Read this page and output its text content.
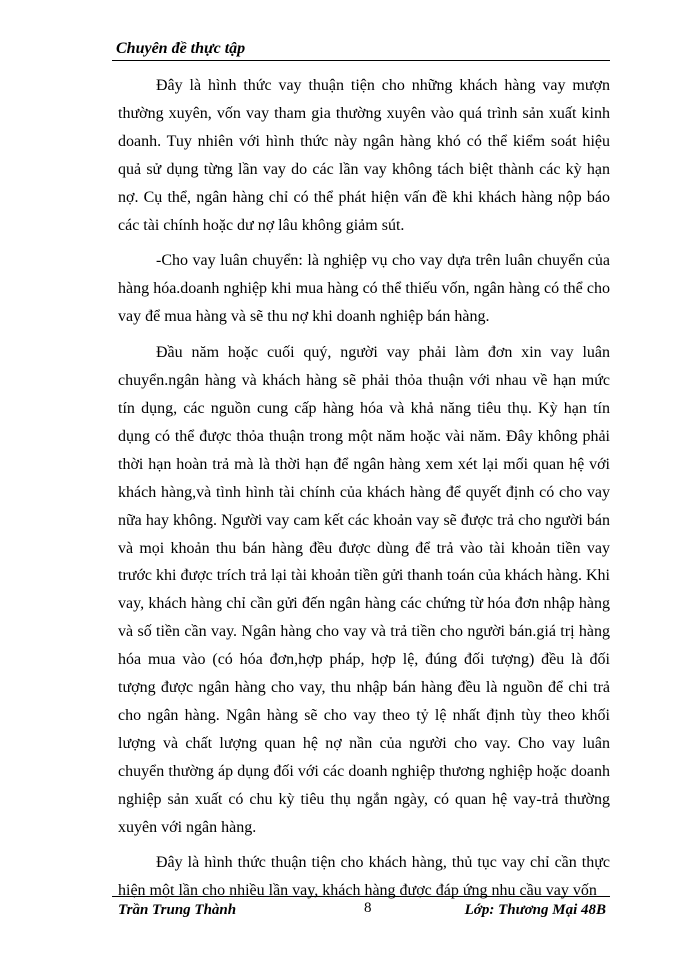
Chuyên đề thực tập

Đây là hình thức vay thuận tiện cho những khách hàng vay mượn thường xuyên, vốn vay tham gia thường xuyên vào quá trình sản xuất kinh doanh. Tuy nhiên với hình thức này ngân hàng khó có thể kiểm soát hiệu quả sử dụng từng lần vay do các lần vay không tách biệt thành các kỳ hạn nợ. Cụ thể, ngân hàng chỉ có thể phát hiện vấn đề khi khách hàng nộp báo các tài chính hoặc dư nợ lâu không giảm sút.

-Cho vay luân chuyển: là nghiệp vụ cho vay dựa trên luân chuyển của hàng hóa.doanh nghiệp khi mua hàng có thể thiếu vốn, ngân hàng có thể cho vay để mua hàng và sẽ thu nợ khi doanh nghiệp bán hàng.

Đầu năm hoặc cuối quý, người vay phải làm đơn xin vay luân chuyển.ngân hàng và khách hàng sẽ phải thỏa thuận với nhau về hạn mức tín dụng, các nguồn cung cấp hàng hóa và khả năng tiêu thụ. Kỳ hạn tín dụng có thể được thỏa thuận trong một năm hoặc vài năm. Đây không phải thời hạn hoàn trả mà là thời hạn để ngân hàng xem xét lại mối quan hệ với khách hàng,và tình hình tài chính của khách hàng để quyết định có cho vay nữa hay không. Người vay cam kết các khoản vay sẽ được trả cho người bán và mọi khoản thu bán hàng đều được dùng để trả vào tài khoản tiền vay trước khi được trích trả lại tài khoản tiền gửi thanh toán của khách hàng. Khi vay, khách hàng chỉ cần gửi đến ngân hàng các chứng từ hóa đơn nhập hàng và số tiền cần vay. Ngân hàng cho vay và trả tiền cho người bán.giá trị hàng hóa mua vào (có hóa đơn,hợp pháp, hợp lệ, đúng đối tượng) đều là đối tượng được ngân hàng cho vay, thu nhập bán hàng đều là nguồn để chi trả cho ngân hàng. Ngân hàng sẽ cho vay theo tỷ lệ nhất định tùy theo khối lượng và chất lượng quan hệ nợ nần của người cho vay. Cho vay luân chuyển thường áp dụng đối với các doanh nghiệp thương nghiệp hoặc doanh nghiệp sản xuất có chu kỳ tiêu thụ ngắn ngày, có quan hệ vay-trả thường xuyên với ngân hàng.

Đây là hình thức thuận tiện cho khách hàng, thủ tục vay chỉ cần thực hiện một lần cho nhiều lần vay, khách hàng được đáp ứng nhu cầu vay vốn

Trần Trung Thành	8	Lớp: Thương Mại 48B
